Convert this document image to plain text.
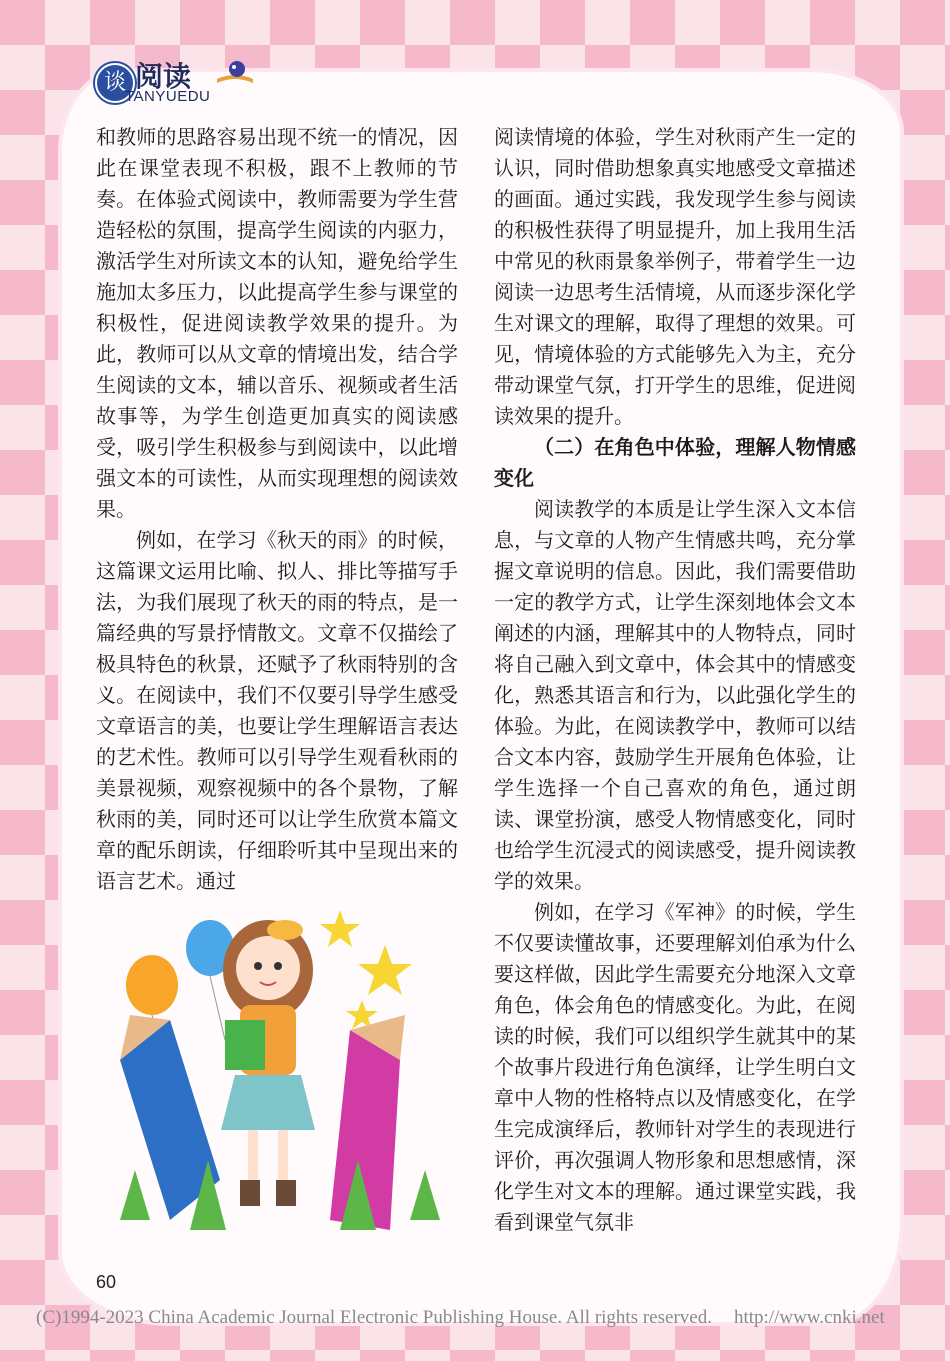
谈 阅读
TANYUEDU

和教师的思路容易出现不统一的情况，因此在课堂表现不积极，跟不上教师的节奏。在体验式阅读中，教师需要为学生营造轻松的氛围，提高学生阅读的内驱力，激活学生对所读文本的认知，避免给学生施加太多压力，以此提高学生参与课堂的积极性，促进阅读教学效果的提升。为此，教师可以从文章的情境出发，结合学生阅读的文本，辅以音乐、视频或者生活故事等，为学生创造更加真实的阅读感受，吸引学生积极参与到阅读中，以此增强文本的可读性，从而实现理想的阅读效果。

例如，在学习《秋天的雨》的时候，这篇课文运用比喻、拟人、排比等描写手法，为我们展现了秋天的雨的特点，是一篇经典的写景抒情散文。文章不仅描绘了极具特色的秋景，还赋予了秋雨特别的含义。在阅读中，我们不仅要引导学生感受文章语言的美，也要让学生理解语言表达的艺术性。教师可以引导学生观看秋雨的美景视频，观察视频中的各个景物，了解秋雨的美，同时还可以让学生欣赏本篇文章的配乐朗读，仔细聆听其中呈现出来的语言艺术。通过

阅读情境的体验，学生对秋雨产生一定的认识，同时借助想象真实地感受文章描述的画面。通过实践，我发现学生参与阅读的积极性获得了明显提升，加上我用生活中常见的秋雨景象举例子，带着学生一边阅读一边思考生活情境，从而逐步深化学生对课文的理解，取得了理想的效果。可见，情境体验的方式能够先入为主，充分带动课堂气氛，打开学生的思维，促进阅读效果的提升。

（二）在角色中体验，理解人物情感变化

阅读教学的本质是让学生深入文本信息，与文章的人物产生情感共鸣，充分掌握文章说明的信息。因此，我们需要借助一定的教学方式，让学生深刻地体会文本阐述的内涵，理解其中的人物特点，同时将自己融入到文章中，体会其中的情感变化，熟悉其语言和行为，以此强化学生的体验。为此，在阅读教学中，教师可以结合文本内容，鼓励学生开展角色体验，让学生选择一个自己喜欢的角色，通过朗读、课堂扮演，感受人物情感变化，同时也给学生沉浸式的阅读感受，提升阅读教学的效果。

例如，在学习《军神》的时候，学生不仅要读懂故事，还要理解刘伯承为什么要这样做，因此学生需要充分地深入文章角色，体会角色的情感变化。为此，在阅读的时候，我们可以组织学生就其中的某个故事片段进行角色演绎，让学生明白文章中人物的性格特点以及情感变化，在学生完成演绎后，教师针对学生的表现进行评价，再次强调人物形象和思想感情，深化学生对文本的理解。通过课堂实践，我看到课堂气氛非

60
(C)1994-2023 China Academic Journal Electronic Publishing House. All rights reserved. http://www.cnki.net
